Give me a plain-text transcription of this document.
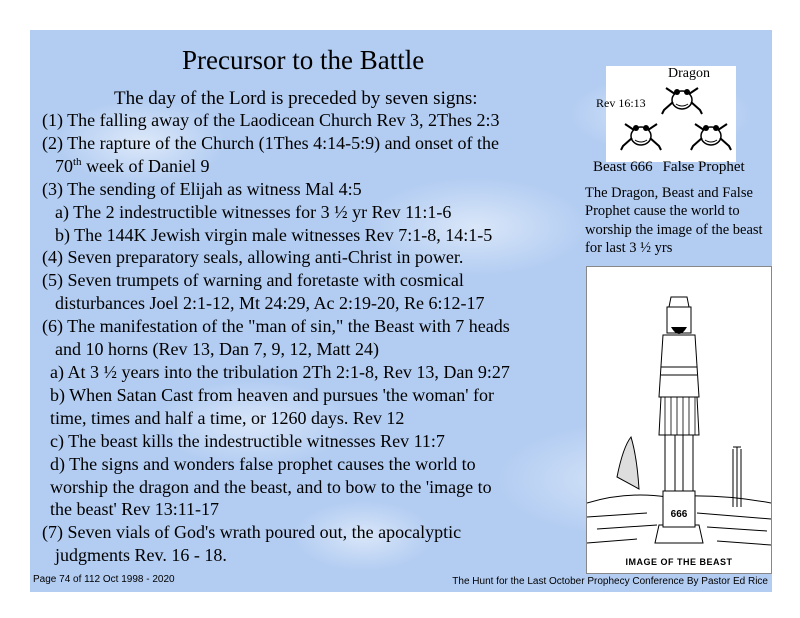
Precursor to the Battle
The day of the Lord is preceded by seven signs:
(1) The falling away of the Laodicean Church Rev 3, 2Thes 2:3
(2) The rapture of the Church (1Thes 4:14-5:9) and onset of the
70th week of Daniel 9
(3) The sending of Elijah as witness Mal 4:5
a) The 2 indestructible witnesses for 3 ½ yr Rev 11:1-6
b) The 144K Jewish virgin male witnesses Rev 7:1-8, 14:1-5
(4) Seven preparatory seals, allowing anti-Christ in power.
(5) Seven trumpets of warning and foretaste with cosmical
disturbances Joel 2:1-12, Mt 24:29, Ac 2:19-20, Re 6:12-17
(6) The manifestation of the "man of sin," the Beast with 7 heads
and 10 horns (Rev 13, Dan 7, 9, 12, Matt 24)
a) At 3 ½ years into the tribulation 2Th 2:1-8, Rev 13, Dan 9:27
b) When Satan Cast from heaven and pursues 'the woman' for
time, times and half a time, or 1260 days. Rev 12
c) The beast kills the indestructible witnesses Rev 11:7
d) The signs and wonders false prophet causes the world to
worship the dragon and the beast, and to bow to the 'image to
the beast' Rev 13:11-17
(7) Seven vials of God's wrath poured out, the apocalyptic
judgments Rev. 16 - 18.
Dragon
Rev 16:13
Beast 666 False Prophet
The Dragon, Beast and False Prophet cause the world to worship the image of the beast for last 3 ½ yrs
666
IMAGE OF THE BEAST
Page 74 of 112 Oct 1998 - 2020	The Hunt for the Last October Prophecy Conference By Pastor Ed Rice
